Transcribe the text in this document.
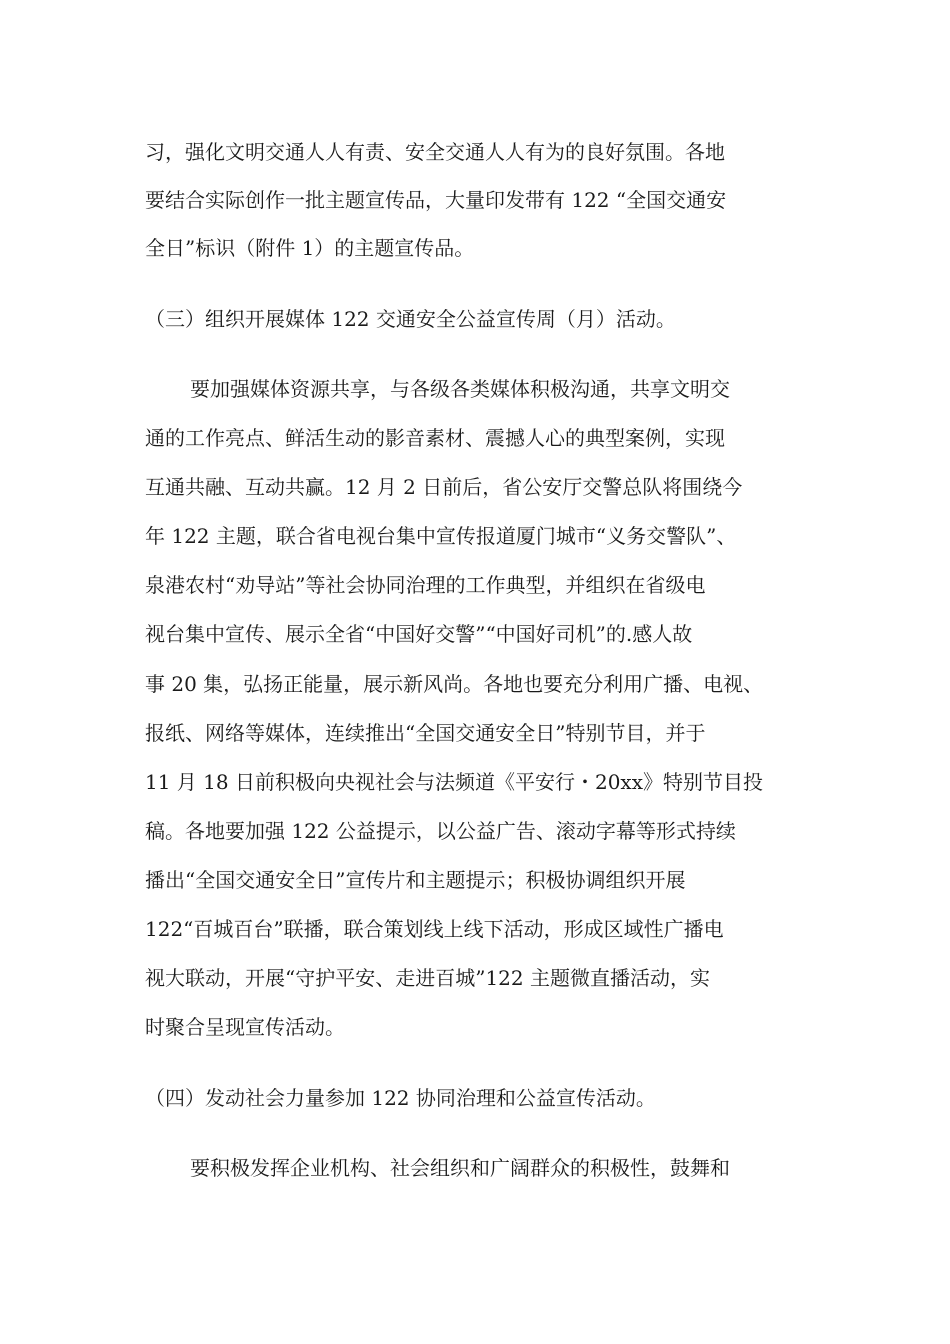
习，强化文明交通人人有责、安全交通人人有为的良好氛围。各地
要结合实际创作一批主题宣传品，大量印发带有 122 “全国交通安
全日”标识（附件 1）的主题宣传品。
（三）组织开展媒体 122 交通安全公益宣传周（月）活动。
要加强媒体资源共享，与各级各类媒体积极沟通，共享文明交
通的工作亮点、鲜活生动的影音素材、震撼人心的典型案例，实现
互通共融、互动共赢。12 月 2 日前后，省公安厅交警总队将围绕今
年 122 主题，联合省电视台集中宣传报道厦门城市“义务交警队”、
泉港农村“劝导站”等社会协同治理的工作典型，并组织在省级电
视台集中宣传、展示全省“中国好交警”“中国好司机”的.感人故
事 20 集，弘扬正能量，展示新风尚。各地也要充分利用广播、电视、
报纸、网络等媒体，连续推出“全国交通安全日”特别节目，并于
11 月 18 日前积极向央视社会与法频道《平安行・20xx》特别节目投
稿。各地要加强 122 公益提示，以公益广告、滚动字幕等形式持续
播出“全国交通安全日”宣传片和主题提示；积极协调组织开展
122“百城百台”联播，联合策划线上线下活动，形成区域性广播电
视大联动，开展“守护平安、走进百城”122 主题微直播活动，实
时聚合呈现宣传活动。
（四）发动社会力量参加 122 协同治理和公益宣传活动。
要积极发挥企业机构、社会组织和广阔群众的积极性，鼓舞和
